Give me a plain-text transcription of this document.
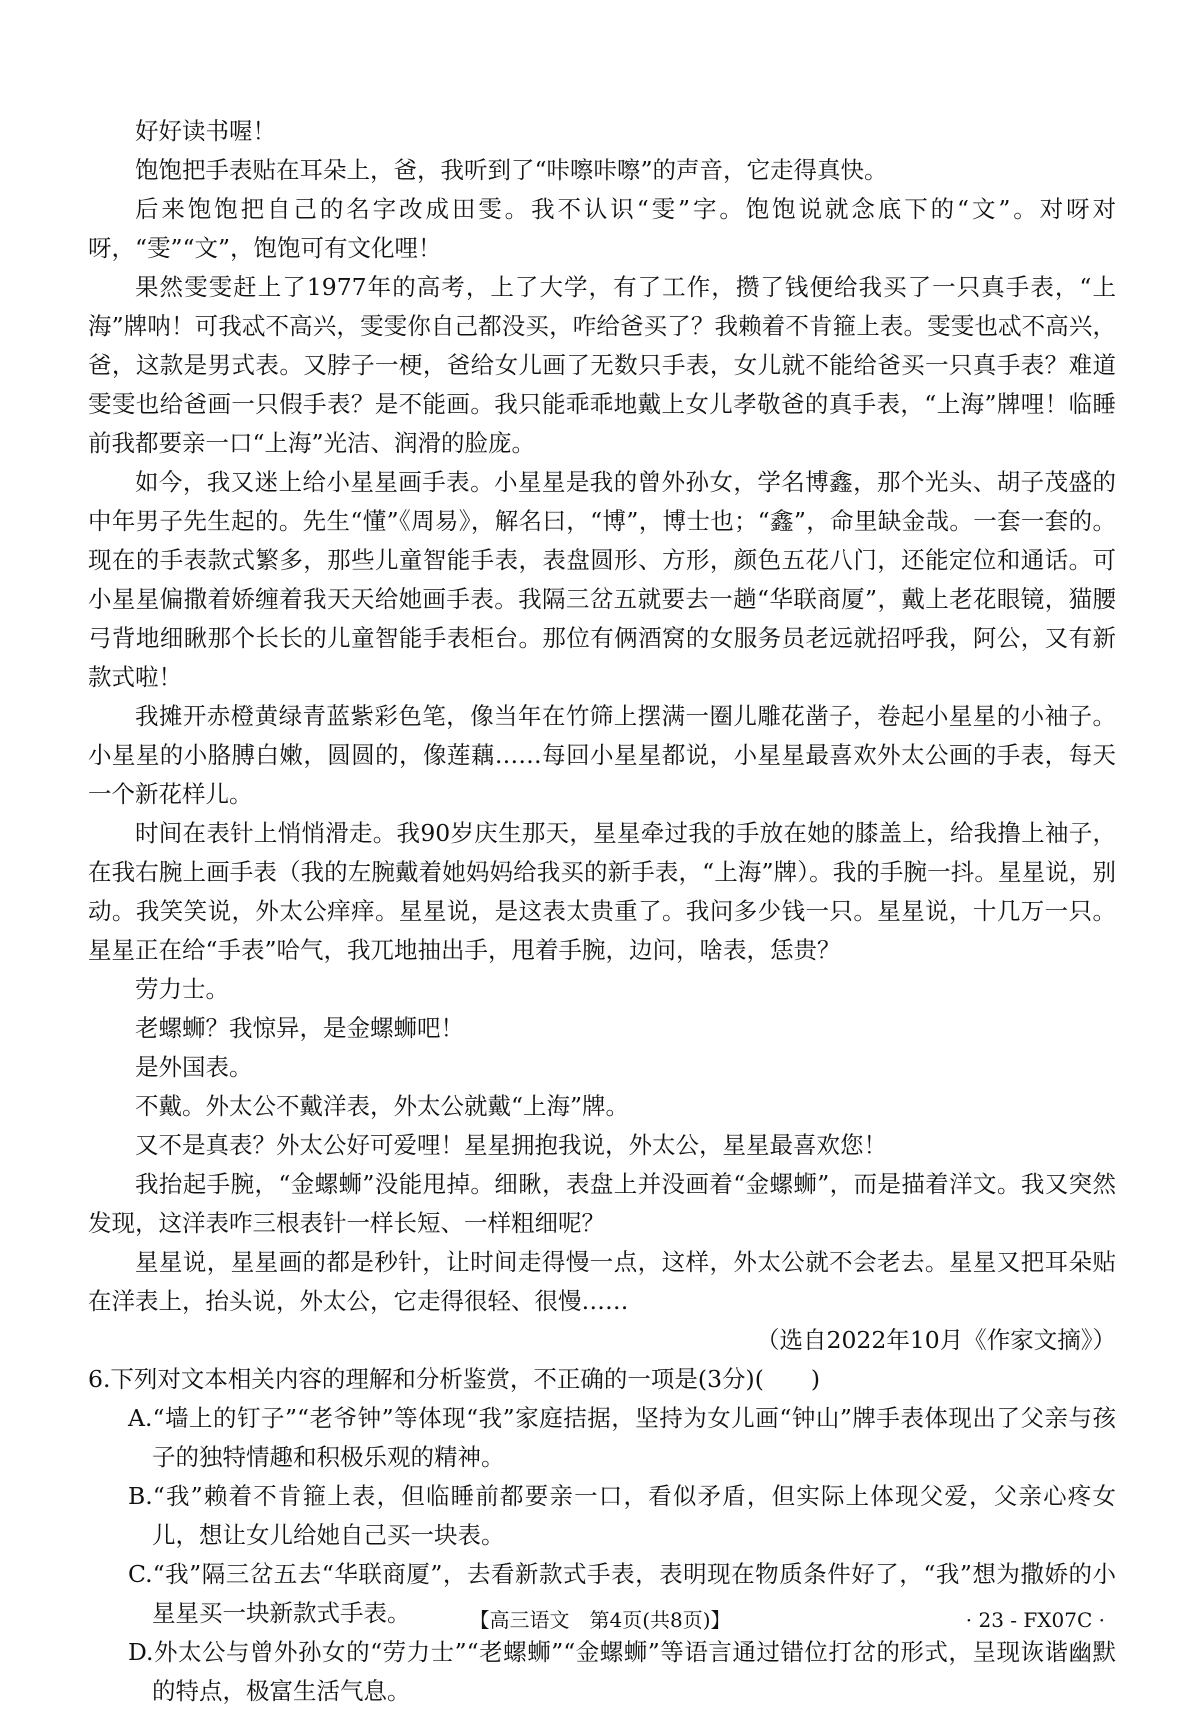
好好读书喔！

饱饱把手表贴在耳朵上，爸，我听到了“咔嚓咔嚓”的声音，它走得真快。

后来饱饱把自己的名字改成田雯。我不认识“雯”字。饱饱说就念底下的“文”。对呀对呀，“雯”“文”，饱饱可有文化哩！

果然雯雯赶上了1977年的高考，上了大学，有了工作，攒了钱便给我买了一只真手表，“上海”牌呐！可我忒不高兴，雯雯你自己都没买，咋给爸买了？我赖着不肯箍上表。雯雯也忒不高兴，爸，这款是男式表。又脖子一梗，爸给女儿画了无数只手表，女儿就不能给爸买一只真手表？难道雯雯也给爸画一只假手表？是不能画。我只能乖乖地戴上女儿孝敬爸的真手表，“上海”牌哩！临睡前我都要亲一口“上海”光洁、润滑的脸庞。

如今，我又迷上给小星星画手表。小星星是我的曾外孙女，学名博鑫，那个光头、胡子茂盛的中年男子先生起的。先生“懂”《周易》，解名曰，“博”，博士也；“鑫”，命里缺金哉。一套一套的。现在的手表款式繁多，那些儿童智能手表，表盘圆形、方形，颜色五花八门，还能定位和通话。可小星星偏撒着娇缠着我天天给她画手表。我隔三岔五就要去一趟“华联商厦”，戴上老花眼镜，猫腰弓背地细瞅那个长长的儿童智能手表柜台。那位有俩酒窝的女服务员老远就招呼我，阿公，又有新款式啦！

我摊开赤橙黄绿青蓝紫彩色笔，像当年在竹筛上摆满一圈儿雕花凿子，卷起小星星的小袖子。小星星的小胳膊白嫩，圆圆的，像莲藕……每回小星星都说，小星星最喜欢外太公画的手表，每天一个新花样儿。

时间在表针上悄悄滑走。我90岁庆生那天，星星牵过我的手放在她的膝盖上，给我撸上袖子，在我右腕上画手表（我的左腕戴着她妈妈给我买的新手表，“上海”牌）。我的手腕一抖。星星说，别动。我笑笑说，外太公痒痒。星星说，是这表太贵重了。我问多少钱一只。星星说，十几万一只。星星正在给“手表”哈气，我兀地抽出手，甩着手腕，边问，啥表，恁贵？

劳力士。

老螺蛳？我惊异，是金螺蛳吧！

是外国表。

不戴。外太公不戴洋表，外太公就戴“上海”牌。

又不是真表？外太公好可爱哩！星星拥抱我说，外太公，星星最喜欢您！

我抬起手腕，“金螺蛳”没能甩掉。细瞅，表盘上并没画着“金螺蛳”，而是描着洋文。我又突然发现，这洋表咋三根表针一样长短、一样粗细呢？

星星说，星星画的都是秒针，让时间走得慢一点，这样，外太公就不会老去。星星又把耳朵贴在洋表上，抬头说，外太公，它走得很轻、很慢……

（选自2022年10月《作家文摘》）

6.下列对文本相关内容的理解和分析鉴赏，不正确的一项是(3分)(　　)

A.“墙上的钉子”“老爷钟”等体现“我”家庭拮据，坚持为女儿画“钟山”牌手表体现出了父亲与孩子的独特情趣和积极乐观的精神。

B.“我”赖着不肯箍上表，但临睡前都要亲一口，看似矛盾，但实际上体现父爱，父亲心疼女儿，想让女儿给她自己买一块表。

C.“我”隔三岔五去“华联商厦”，去看新款式手表，表明现在物质条件好了，“我”想为撒娇的小星星买一块新款式手表。

D.外太公与曾外孙女的“劳力士”“老螺蛳”“金螺蛳”等语言通过错位打岔的形式，呈现诙谐幽默的特点，极富生活气息。

【高三语文　第4页(共8页)】	· 23 - FX07C ·
